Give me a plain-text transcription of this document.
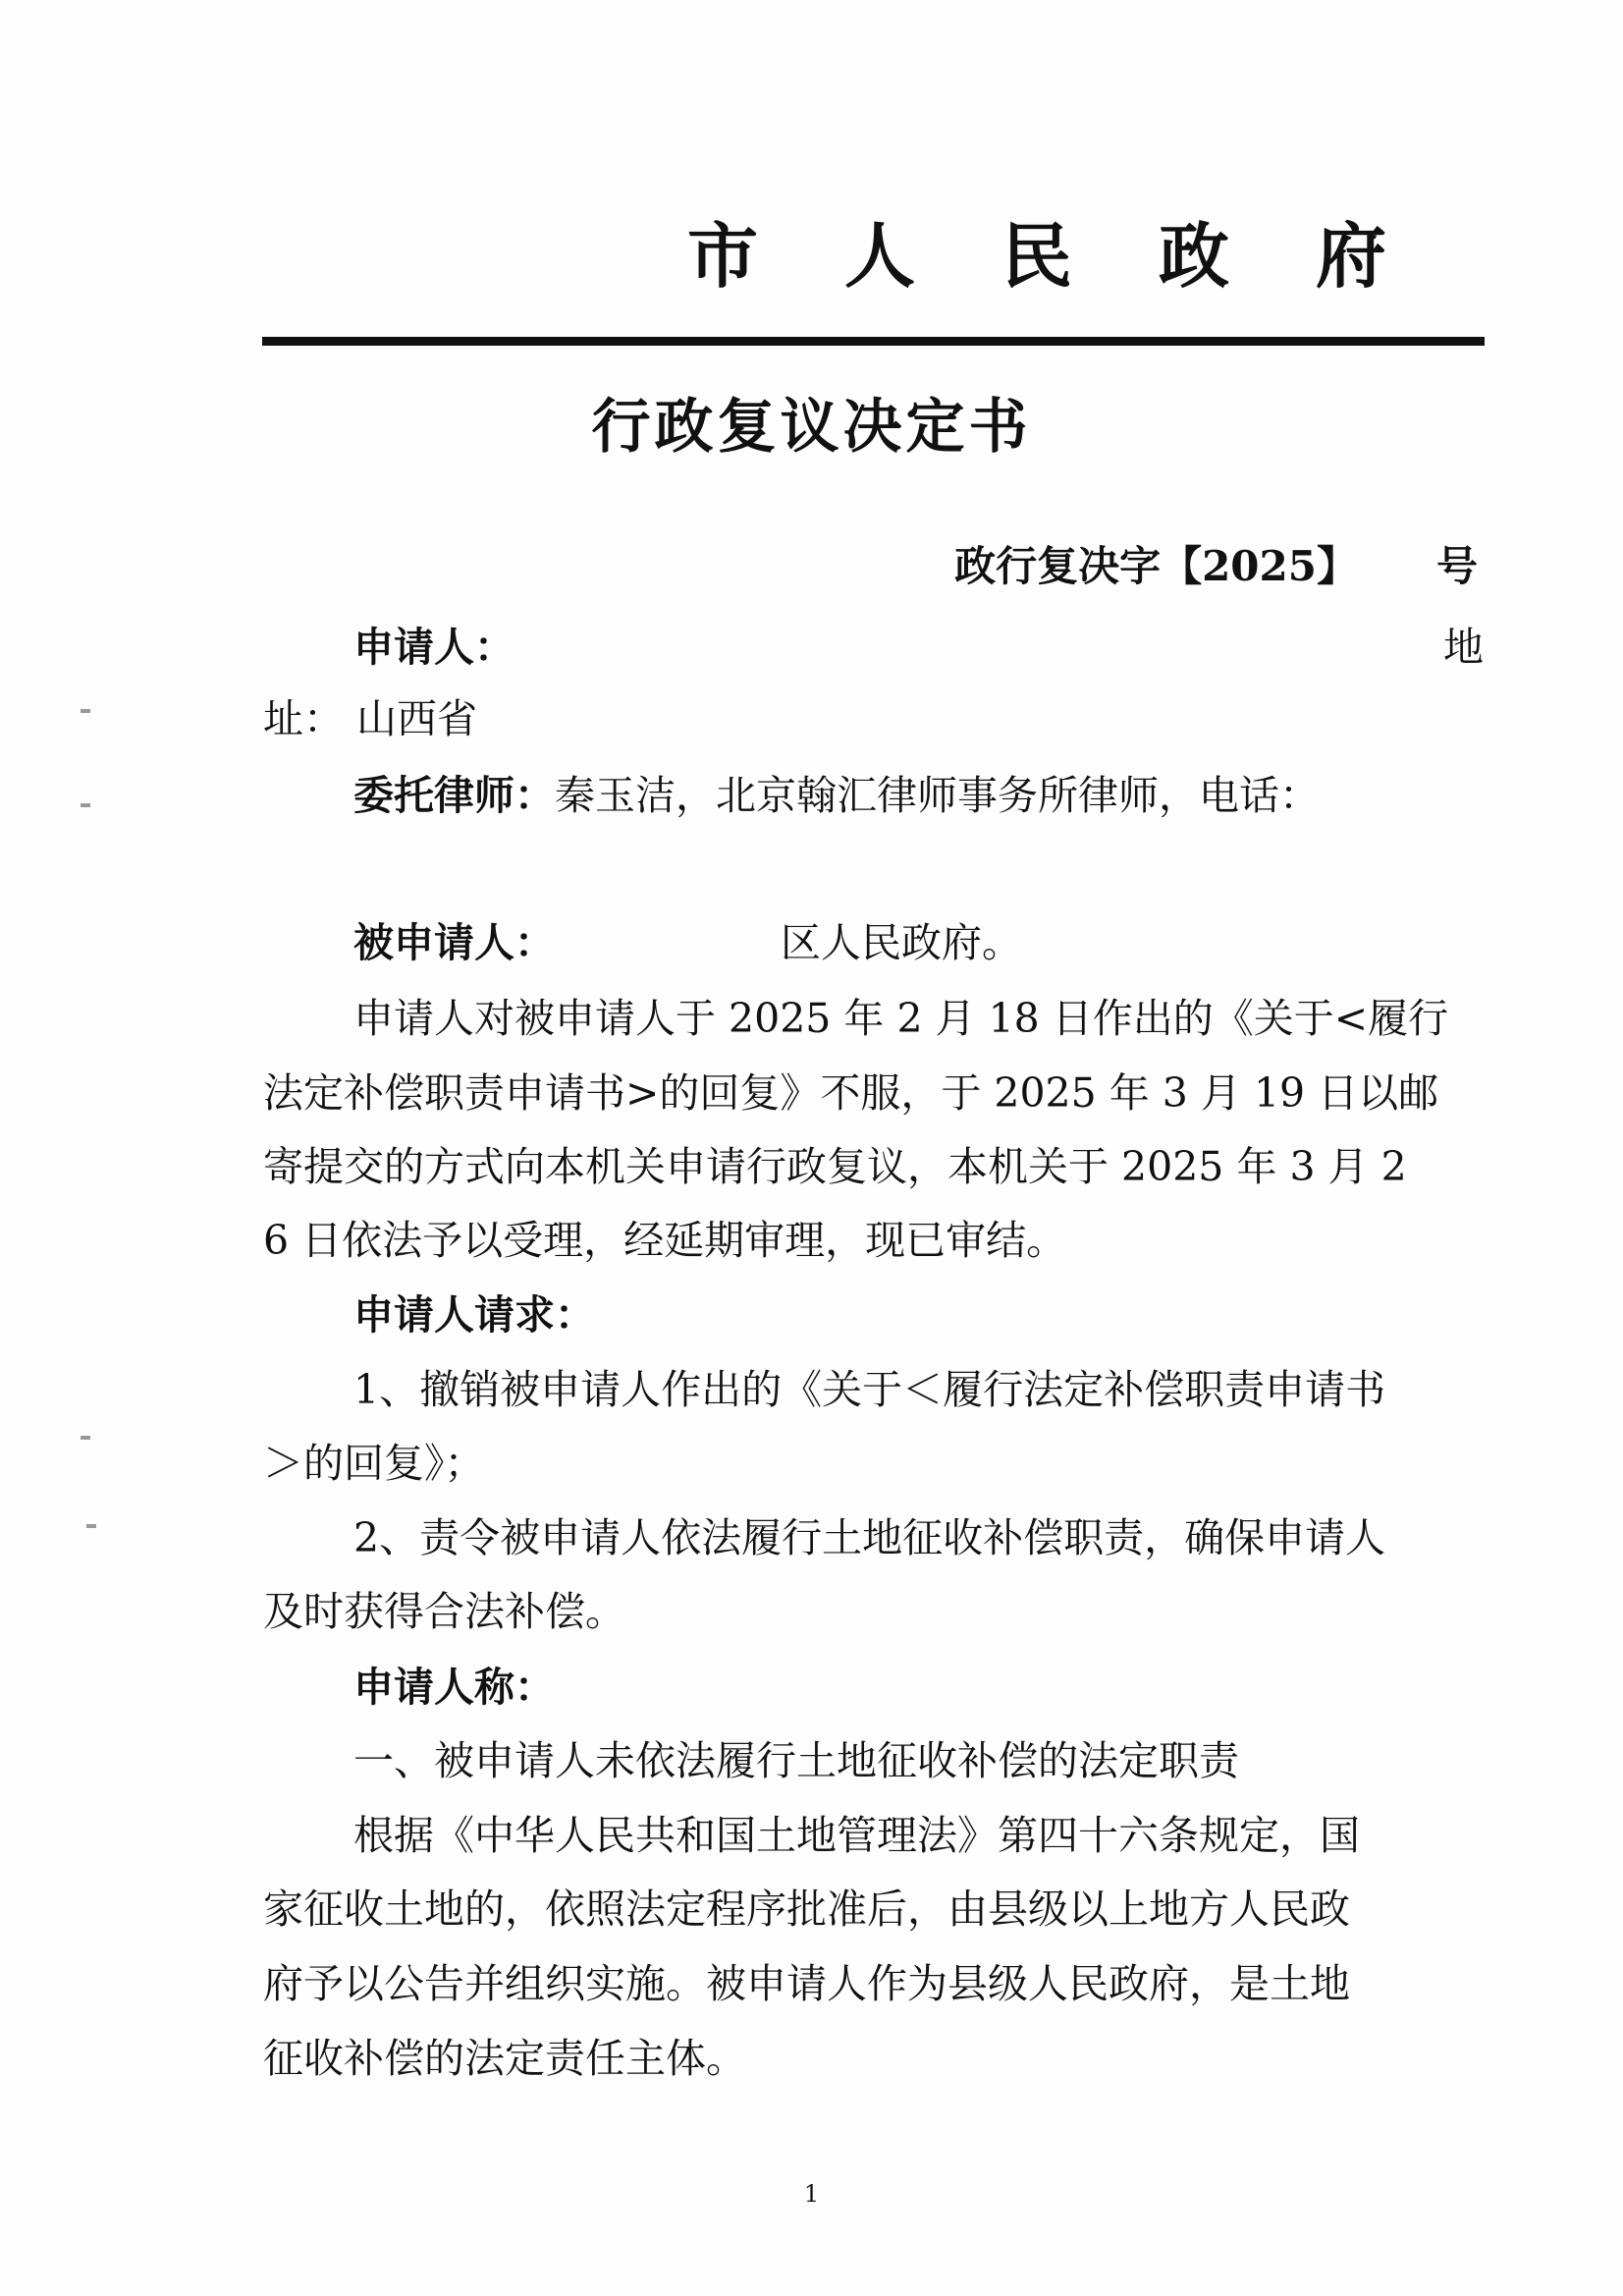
市人民政府
行政复议决定书
政行复决字【2025】 号
申请人：	地
址： 山西省
委托律师：秦玉洁，北京翰汇律师事务所律师，电话：
被申请人：	区人民政府。
申请人对被申请人于 2025 年 2 月 18 日作出的《关于<履行
法定补偿职责申请书>的回复》不服，于 2025 年 3 月 19 日以邮
寄提交的方式向本机关申请行政复议，本机关于 2025 年 3 月 2
6 日依法予以受理，经延期审理，现已审结。
申请人请求：
1、撤销被申请人作出的《关于＜履行法定补偿职责申请书
＞的回复》；
2、责令被申请人依法履行土地征收补偿职责，确保申请人
及时获得合法补偿。
申请人称：
一、被申请人未依法履行土地征收补偿的法定职责
根据《中华人民共和国土地管理法》第四十六条规定，国
家征收土地的，依照法定程序批准后，由县级以上地方人民政
府予以公告并组织实施。被申请人作为县级人民政府，是土地
征收补偿的法定责任主体。
1
